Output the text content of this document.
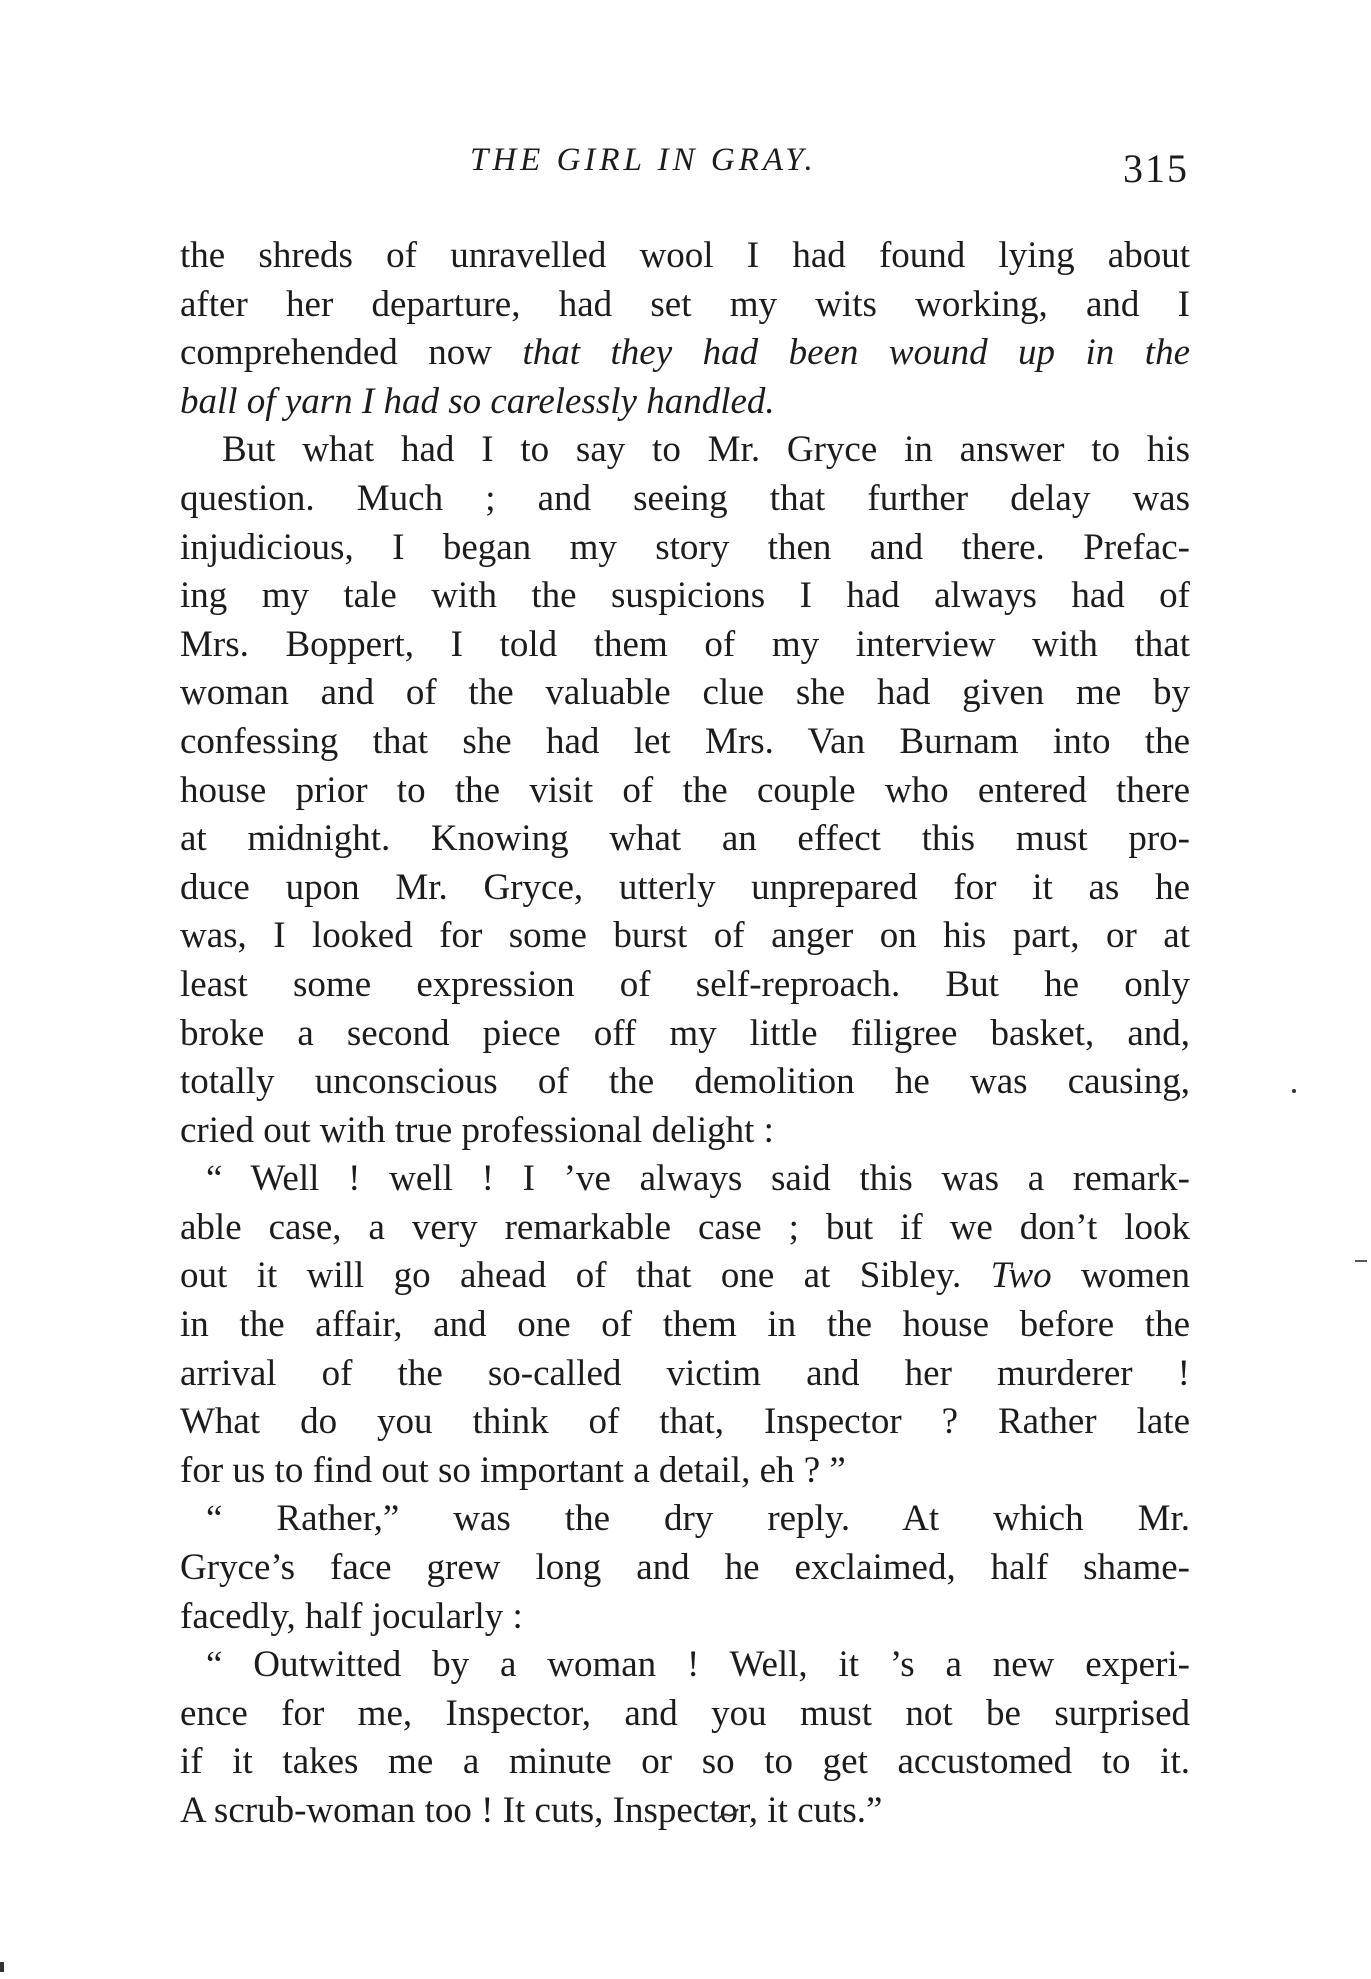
THE GIRL IN GRAY.	315
the shreds of unravelled wool I had found lying about
after her departure, had set my wits working, and I
comprehended now that they had been wound up in the
ball of yarn I had so carelessly handled.
But what had I to say to Mr. Gryce in answer to his
question. Much ; and seeing that further delay was
injudicious, I began my story then and there. Prefac-
ing my tale with the suspicions I had always had of
Mrs. Boppert, I told them of my interview with that
woman and of the valuable clue she had given me by
confessing that she had let Mrs. Van Burnam into the
house prior to the visit of the couple who entered there
at midnight. Knowing what an effect this must pro-
duce upon Mr. Gryce, utterly unprepared for it as he
was, I looked for some burst of anger on his part, or at
least some expression of self-reproach. But he only
broke a second piece off my little filigree basket, and,
totally unconscious of the demolition he was causing,
cried out with true professional delight :
“ Well ! well ! I ’ve always said this was a remark-
able case, a very remarkable case ; but if we don’t look
out it will go ahead of that one at Sibley. Two women
in the affair, and one of them in the house before the
arrival of the so-called victim and her murderer !
What do you think of that, Inspector ? Rather late
for us to find out so important a detail, eh ? ”
“ Rather,” was the dry reply. At which Mr.
Gryce’s face grew long and he exclaimed, half shame-
facedly, half jocularly :
“ Outwitted by a woman ! Well, it ’s a new experi-
ence for me, Inspector, and you must not be surprised
if it takes me a minute or so to get accustomed to it.
A scrub-woman too ! It cuts, Inspector, it cuts.”
